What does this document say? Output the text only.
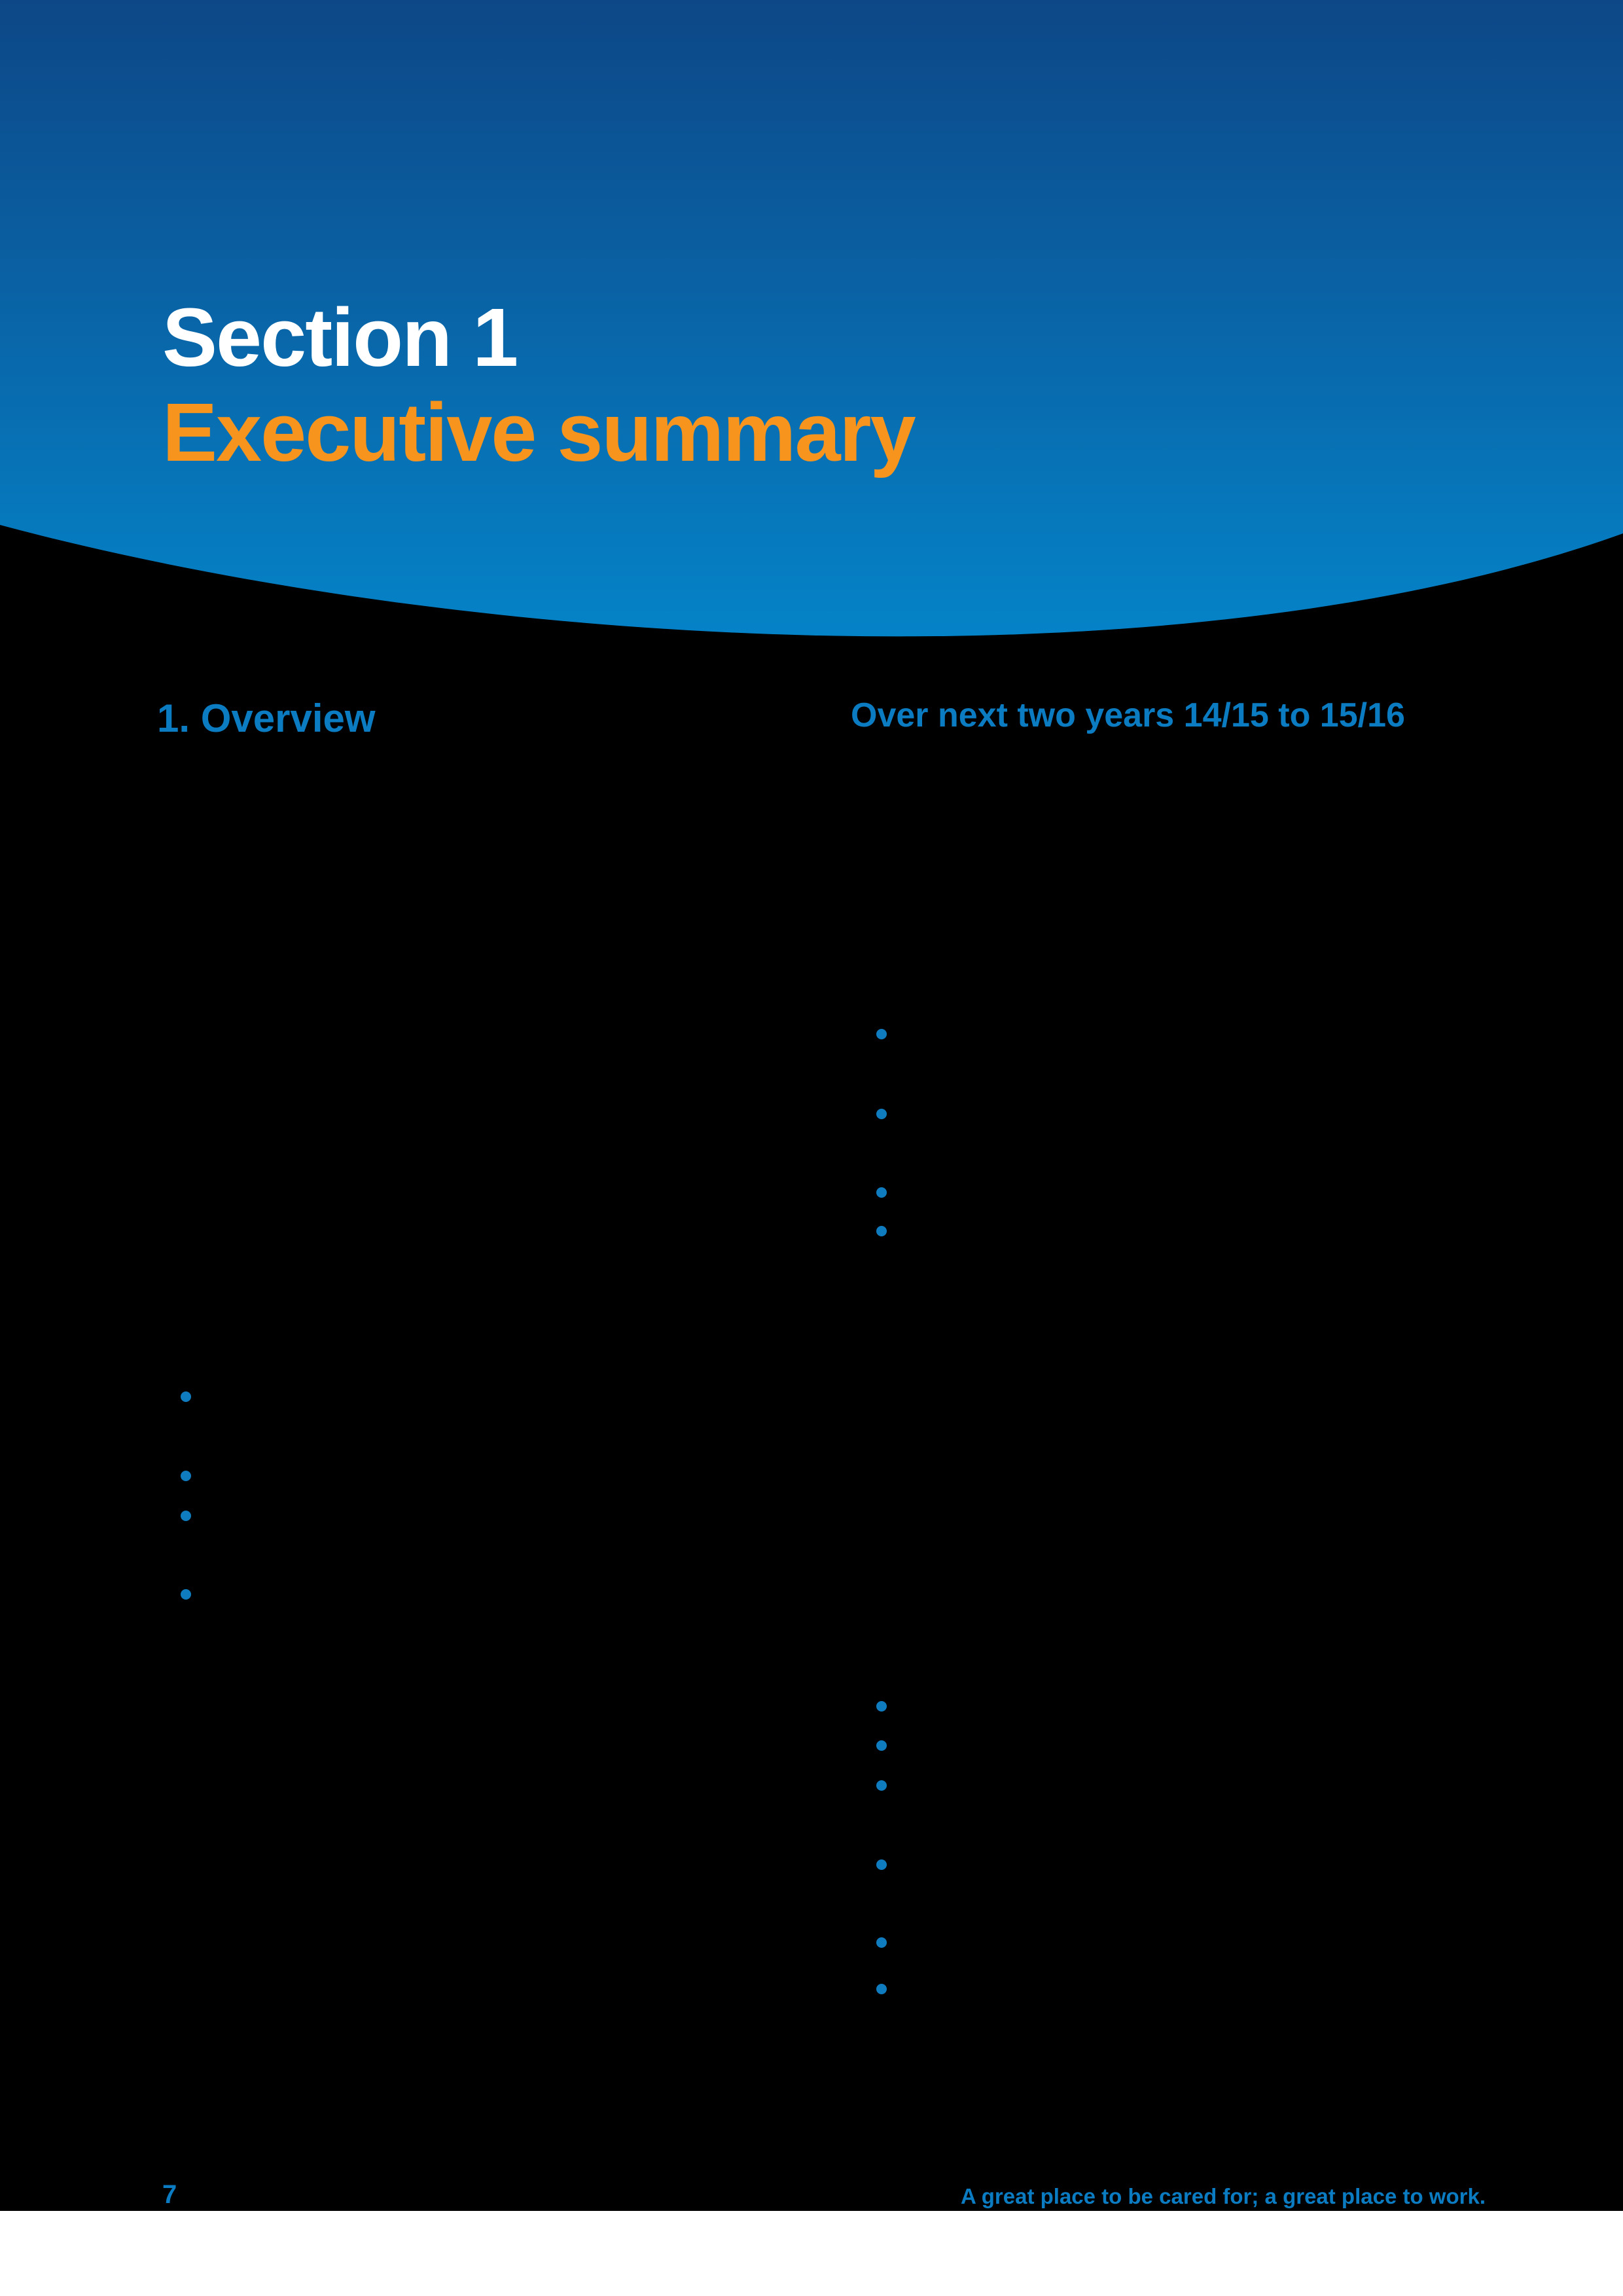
Section 1
Executive summary
1. Overview	Over next two years 14/15 to 15/16
7	A great place to be cared for; a great place to work.
